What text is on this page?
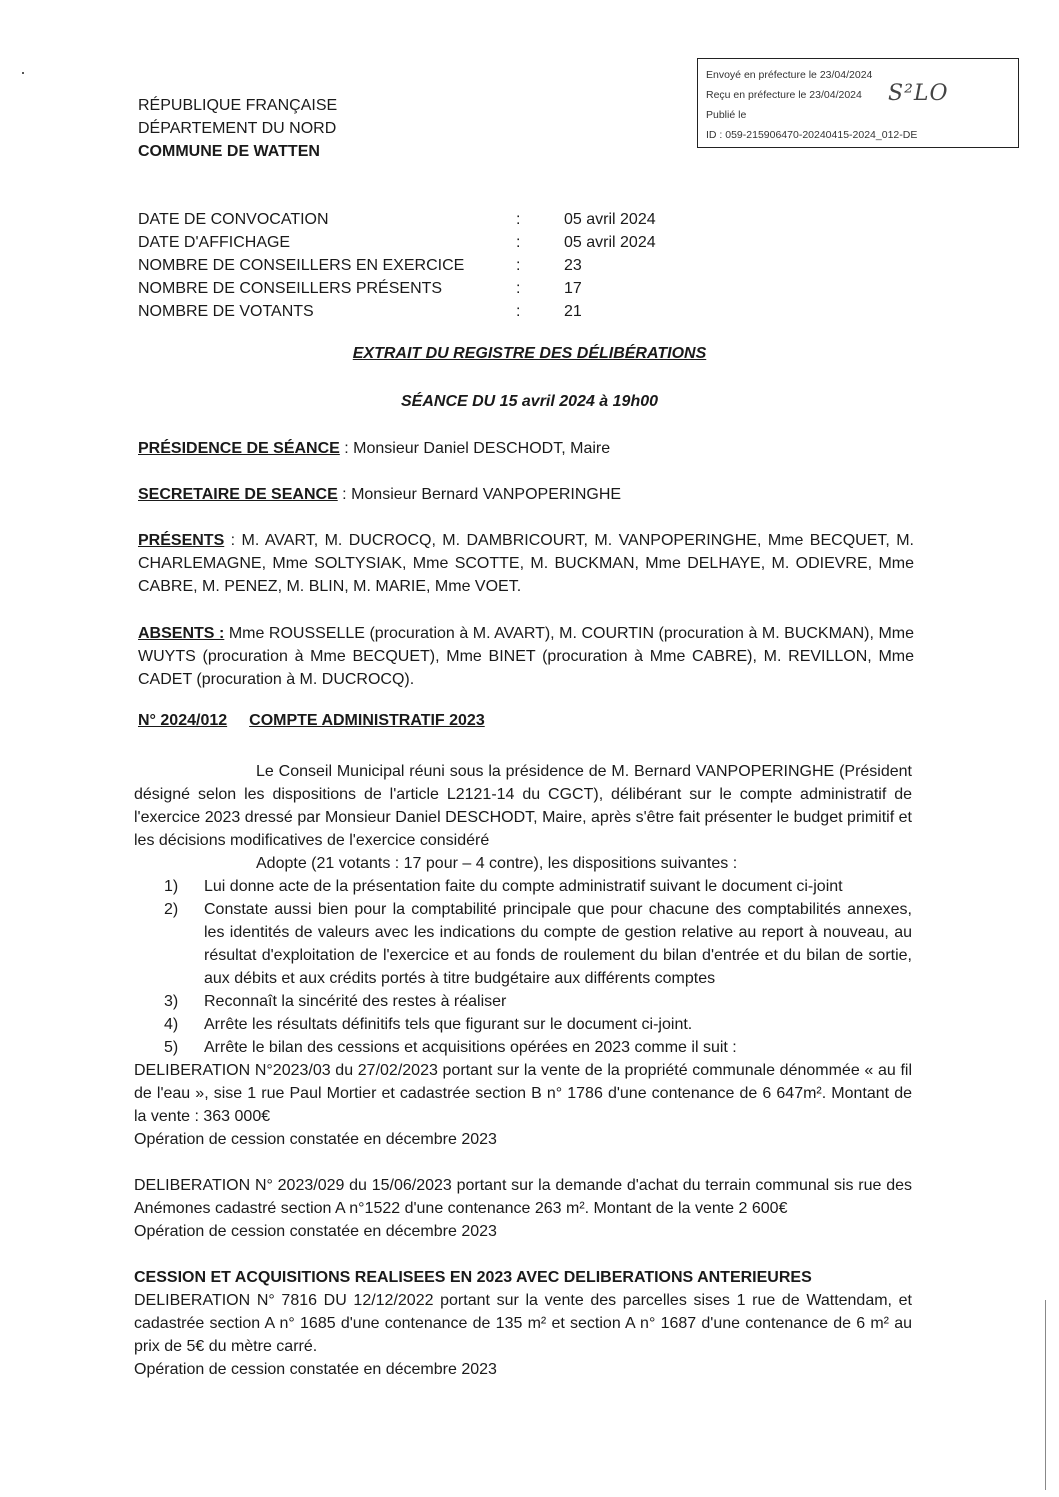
Envoyé en préfecture le 23/04/2024
Reçu en préfecture le 23/04/2024
Publié le
ID : 059-215906470-20240415-2024_012-DE
S²LO
RÉPUBLIQUE FRANÇAISE
DÉPARTEMENT DU NORD
COMMUNE DE WATTEN
DATE DE CONVOCATION	:	05 avril 2024
DATE D'AFFICHAGE	:	05 avril 2024
NOMBRE DE CONSEILLERS EN EXERCICE	:	23
NOMBRE DE CONSEILLERS PRÉSENTS	:	17
NOMBRE DE VOTANTS	:	21
EXTRAIT DU REGISTRE DES DÉLIBÉRATIONS
SÉANCE DU 15 avril 2024 à 19h00
PRÉSIDENCE DE SÉANCE : Monsieur Daniel DESCHODT, Maire
SECRETAIRE DE SEANCE : Monsieur Bernard VANPOPERINGHE
PRÉSENTS : M. AVART, M. DUCROCQ, M. DAMBRICOURT, M. VANPOPERINGHE, Mme BECQUET, M. CHARLEMAGNE, Mme SOLTYSIAK, Mme SCOTTE, M. BUCKMAN, Mme DELHAYE, M. ODIEVRE, Mme CABRE, M. PENEZ, M. BLIN, M. MARIE, Mme VOET.
ABSENTS : Mme ROUSSELLE (procuration à M. AVART), M. COURTIN (procuration à M. BUCKMAN), Mme WUYTS (procuration à Mme BECQUET), Mme BINET (procuration à Mme CABRE), M. REVILLON, Mme CADET (procuration à M. DUCROCQ).
N° 2024/012 COMPTE ADMINISTRATIF 2023
Le Conseil Municipal réuni sous la présidence de M. Bernard VANPOPERINGHE (Président désigné selon les dispositions de l'article L2121-14 du CGCT), délibérant sur le compte administratif de l'exercice 2023 dressé par Monsieur Daniel DESCHODT, Maire, après s'être fait présenter le budget primitif et les décisions modificatives de l'exercice considéré
Adopte (21 votants : 17 pour – 4 contre), les dispositions suivantes :
1)	Lui donne acte de la présentation faite du compte administratif suivant le document ci-joint
2)	Constate aussi bien pour la comptabilité principale que pour chacune des comptabilités annexes, les identités de valeurs avec les indications du compte de gestion relative au report à nouveau, au résultat d'exploitation de l'exercice et au fonds de roulement du bilan d'entrée et du bilan de sortie, aux débits et aux crédits portés à titre budgétaire aux différents comptes
3)	Reconnaît la sincérité des restes à réaliser
4)	Arrête les résultats définitifs tels que figurant sur le document ci-joint.
5)	Arrête le bilan des cessions et acquisitions opérées en 2023 comme il suit :
DELIBERATION N°2023/03 du 27/02/2023 portant sur la vente de la propriété communale dénommée « au fil de l'eau », sise 1 rue Paul Mortier et cadastrée section B n° 1786 d'une contenance de 6 647m². Montant de la vente : 363 000€
Opération de cession constatée en décembre 2023
DELIBERATION N° 2023/029 du 15/06/2023 portant sur la demande d'achat du terrain communal sis rue des Anémones cadastré section A n°1522 d'une contenance 263 m². Montant de la vente 2 600€
Opération de cession constatée en décembre 2023
CESSION ET ACQUISITIONS REALISEES EN 2023 AVEC DELIBERATIONS ANTERIEURES
DELIBERATION N° 7816 DU 12/12/2022 portant sur la vente des parcelles sises 1 rue de Wattendam, et cadastrée section A n° 1685 d'une contenance de 135 m² et section A n° 1687 d'une contenance de 6 m² au prix de 5€ du mètre carré.
Opération de cession constatée en décembre 2023
